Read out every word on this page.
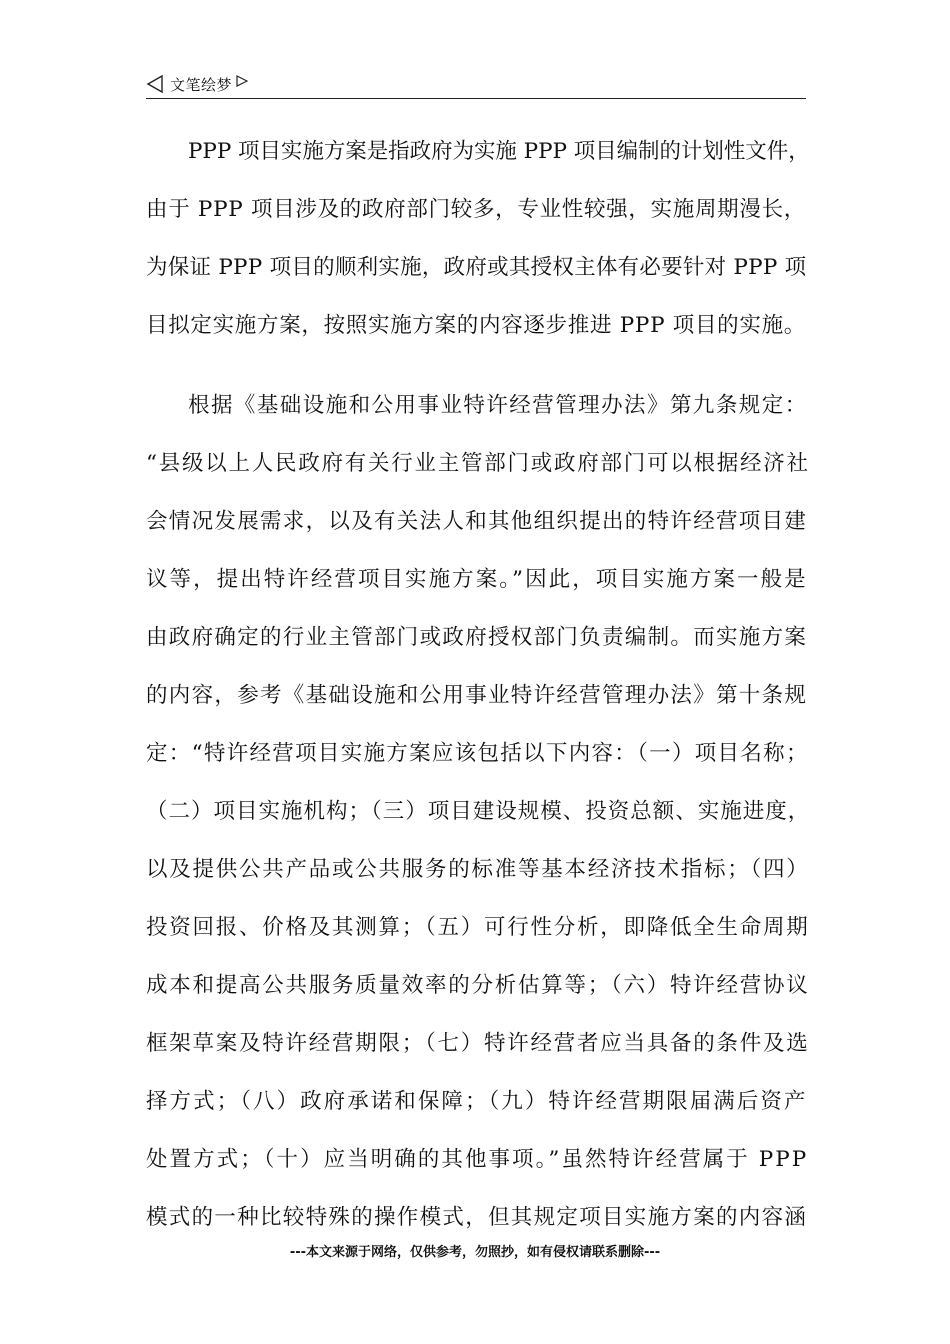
文笔绘梦
PPP 项目实施方案是指政府为实施 PPP 项目编制的计划性文件，
由于 PPP 项目涉及的政府部门较多，专业性较强，实施周期漫长，
为保证 PPP 项目的顺利实施，政府或其授权主体有必要针对 PPP 项
目拟定实施方案，按照实施方案的内容逐步推进 PPP 项目的实施。
根据《基础设施和公用事业特许经营管理办法》第九条规定：
“县级以上人民政府有关行业主管部门或政府部门可以根据经济社
会情况发展需求，以及有关法人和其他组织提出的特许经营项目建
议等，提出特许经营项目实施方案。”因此，项目实施方案一般是
由政府确定的行业主管部门或政府授权部门负责编制。而实施方案
的内容，参考《基础设施和公用事业特许经营管理办法》第十条规
定：“特许经营项目实施方案应该包括以下内容：（一）项目名称；
（二）项目实施机构；（三）项目建设规模、投资总额、实施进度，
以及提供公共产品或公共服务的标准等基本经济技术指标；（四）
投资回报、价格及其测算；（五）可行性分析，即降低全生命周期
成本和提高公共服务质量效率的分析估算等；（六）特许经营协议
框架草案及特许经营期限；（七）特许经营者应当具备的条件及选
择方式；（八）政府承诺和保障；（九）特许经营期限届满后资产
处置方式；（十）应当明确的其他事项。”虽然特许经营属于 PPP
模式的一种比较特殊的操作模式，但其规定项目实施方案的内容涵
---本文来源于网络，仅供参考，勿照抄，如有侵权请联系删除---
